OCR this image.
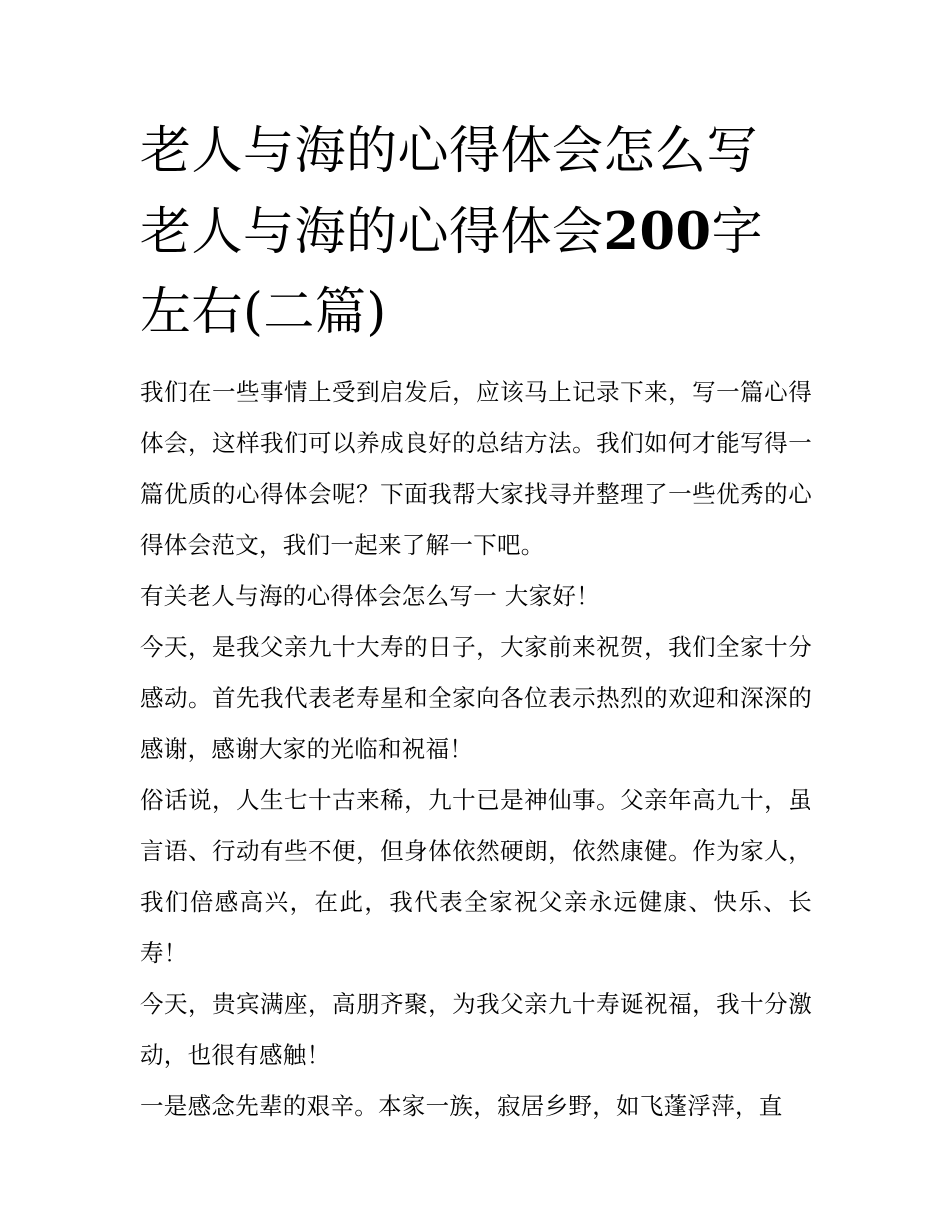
老人与海的心得体会怎么写 老人与海的心得体会200字左右(二篇)

我们在一些事情上受到启发后，应该马上记录下来，写一篇心得体会，这样我们可以养成良好的总结方法。我们如何才能写得一篇优质的心得体会呢？下面我帮大家找寻并整理了一些优秀的心得体会范文，我们一起来了解一下吧。

有关老人与海的心得体会怎么写一 大家好！

今天，是我父亲九十大寿的日子，大家前来祝贺，我们全家十分感动。首先我代表老寿星和全家向各位表示热烈的欢迎和深深的感谢，感谢大家的光临和祝福！

俗话说，人生七十古来稀，九十已是神仙事。父亲年高九十，虽言语、行动有些不便，但身体依然硬朗，依然康健。作为家人，我们倍感高兴，在此，我代表全家祝父亲永远健康、快乐、长寿！

今天，贵宾满座，高朋齐聚，为我父亲九十寿诞祝福，我十分激动，也很有感触！

一是感念先辈的艰辛。本家一族，寂居乡野，如飞蓬浮萍，直
